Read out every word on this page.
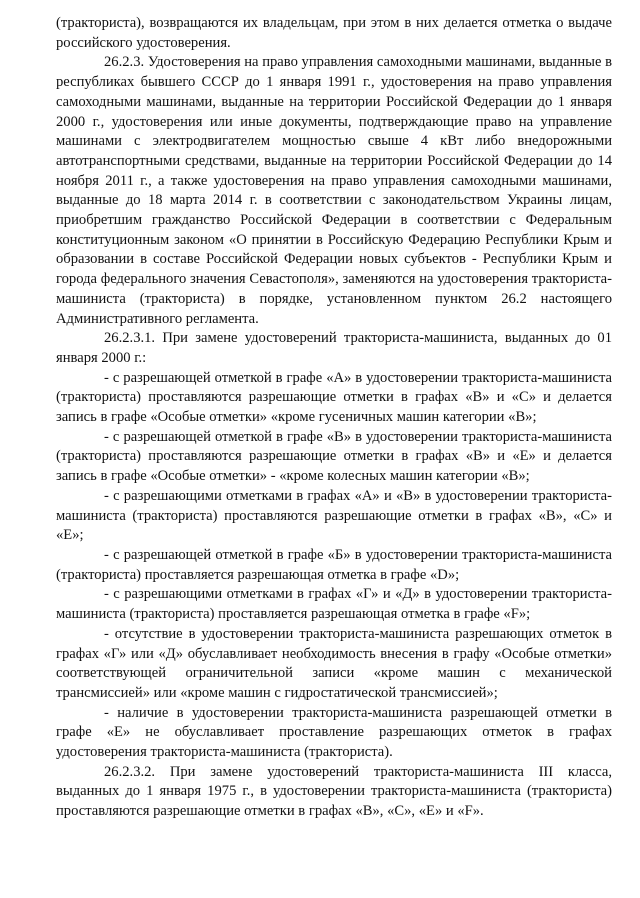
(тракториста), возвращаются их владельцам, при этом в них делается отметка о выдаче российского удостоверения.

26.2.3. Удостоверения на право управления самоходными машинами, выданные в республиках бывшего СССР до 1 января 1991 г., удостоверения на право управления самоходными машинами, выданные на территории Российской Федерации до 1 января 2000 г., удостоверения или иные документы, подтверждающие право на управление машинами с электродвигателем мощностью свыше 4 кВт либо внедорожными автотранспортными средствами, выданные на территории Российской Федерации до 14 ноября 2011 г., а также удостоверения на право управления самоходными машинами, выданные до 18 марта 2014 г. в соответствии с законодательством Украины лицам, приобретшим гражданство Российской Федерации в соответствии с Федеральным конституционным законом «О принятии в Российскую Федерацию Республики Крым и образовании в составе Российской Федерации новых субъектов - Республики Крым и города федерального значения Севастополя», заменяются на удостоверения тракториста-машиниста (тракториста) в порядке, установленном пунктом 26.2 настоящего Административного регламента.

26.2.3.1. При замене удостоверений тракториста-машиниста, выданных до 01 января 2000 г.:

- с разрешающей отметкой в графе «А» в удостоверении тракториста-машиниста (тракториста) проставляются разрешающие отметки в графах «B» и «C» и делается запись в графе «Особые отметки» «кроме гусеничных машин категории «B»;

- с разрешающей отметкой в графе «B» в удостоверении тракториста-машиниста (тракториста) проставляются разрешающие отметки в графах «B» и «E» и делается запись в графе «Особые отметки» - «кроме колесных машин категории «B»;

- с разрешающими отметками в графах «А» и «В» в удостоверении тракториста-машиниста (тракториста) проставляются разрешающие отметки в графах «B», «C» и «E»;

- с разрешающей отметкой в графе «Б» в удостоверении тракториста-машиниста (тракториста) проставляется разрешающая отметка в графе «D»;

- с разрешающими отметками в графах «Г» и «Д» в удостоверении тракториста-машиниста (тракториста) проставляется разрешающая отметка в графе «F»;

- отсутствие в удостоверении тракториста-машиниста разрешающих отметок в графах «Г» или «Д» обуславливает необходимость внесения в графу «Особые отметки» соответствующей ограничительной записи «кроме машин с механической трансмиссией» или «кроме машин с гидростатической трансмиссией»;

- наличие в удостоверении тракториста-машиниста разрешающей отметки в графе «Е» не обуславливает проставление разрешающих отметок в графах удостоверения тракториста-машиниста (тракториста).

26.2.3.2. При замене удостоверений тракториста-машиниста III класса, выданных до 1 января 1975 г., в удостоверении тракториста-машиниста (тракториста) проставляются разрешающие отметки в графах «B», «C», «E» и «F».
